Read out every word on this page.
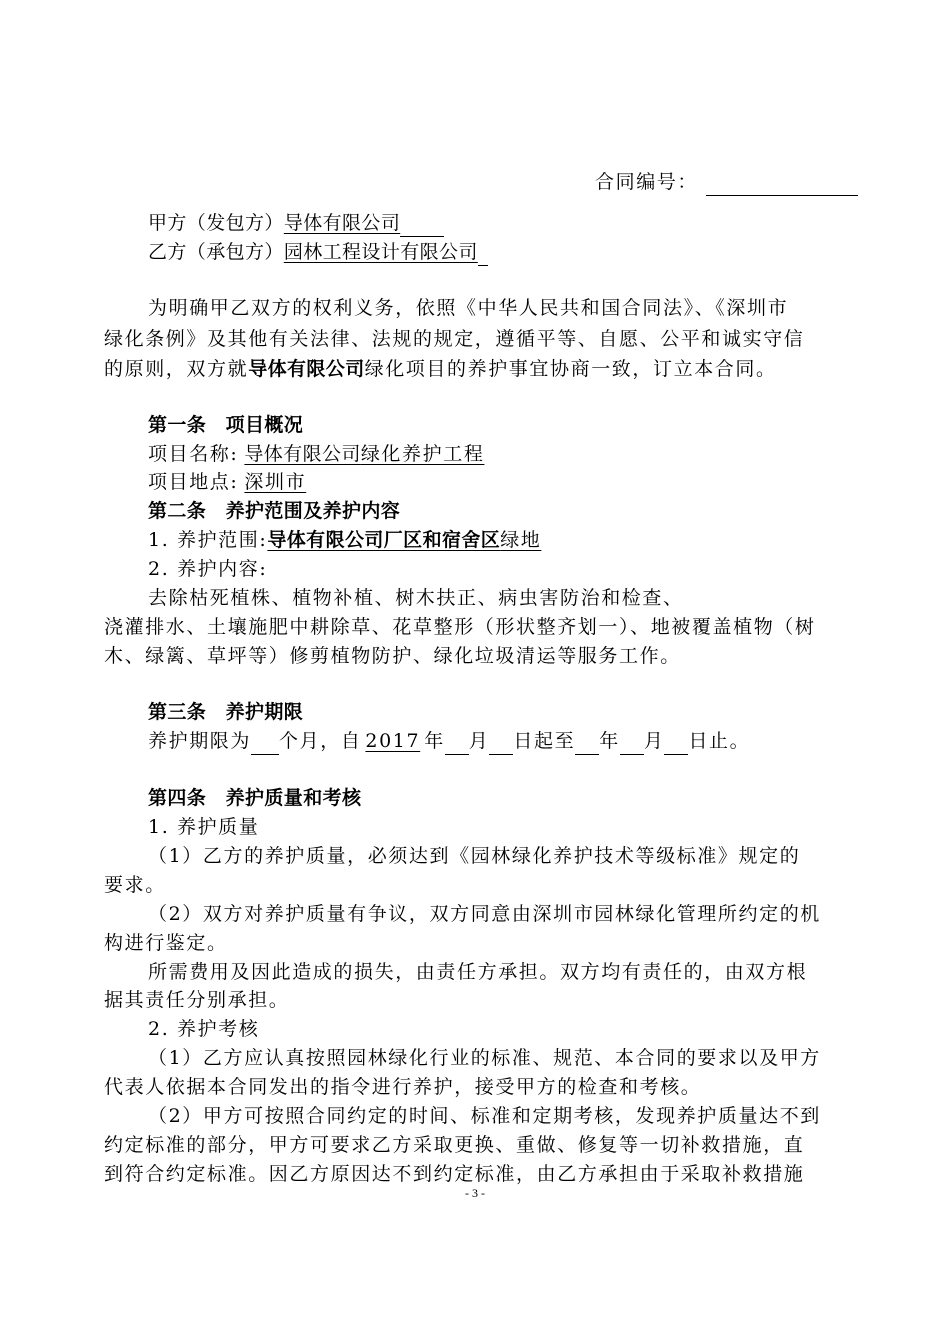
合同编号：
甲方（发包方）导体有限公司
乙方（承包方）园林工程设计有限公司
为明确甲乙双方的权利义务，依照《中华人民共和国合同法》、《深圳市
绿化条例》及其他有关法律、法规的规定，遵循平等、自愿、公平和诚实守信
的原则，双方就导体有限公司绿化项目的养护事宜协商一致，订立本合同。
第一条　项目概况
项目名称: 导体有限公司绿化养护工程
项目地点: 深圳市
第二条　养护范围及养护内容
1. 养护范围:导体有限公司厂区和宿舍区绿地
2. 养护内容:
去除枯死植株、植物补植、树木扶正、病虫害防治和检查、
浇灌排水、土壤施肥中耕除草、花草整形（形状整齐划一）、地被覆盖植物（树
木、绿篱、草坪等）修剪植物防护、绿化垃圾清运等服务工作。
第三条　养护期限
养护期限为 个月，自 2017 年 月 日起至 年 月 日止。
第四条　养护质量和考核
1. 养护质量
（1）乙方的养护质量，必须达到《园林绿化养护技术等级标准》规定的
要求。
（2）双方对养护质量有争议，双方同意由深圳市园林绿化管理所约定的机
构进行鉴定。
所需费用及因此造成的损失，由责任方承担。双方均有责任的，由双方根
据其责任分别承担。
2. 养护考核
（1）乙方应认真按照园林绿化行业的标准、规范、本合同的要求以及甲方
代表人依据本合同发出的指令进行养护，接受甲方的检查和考核。
（2）甲方可按照合同约定的时间、标准和定期考核，发现养护质量达不到
约定标准的部分，甲方可要求乙方采取更换、重做、修复等一切补救措施，直
到符合约定标准。因乙方原因达不到约定标准，由乙方承担由于采取补救措施
- 3 -
